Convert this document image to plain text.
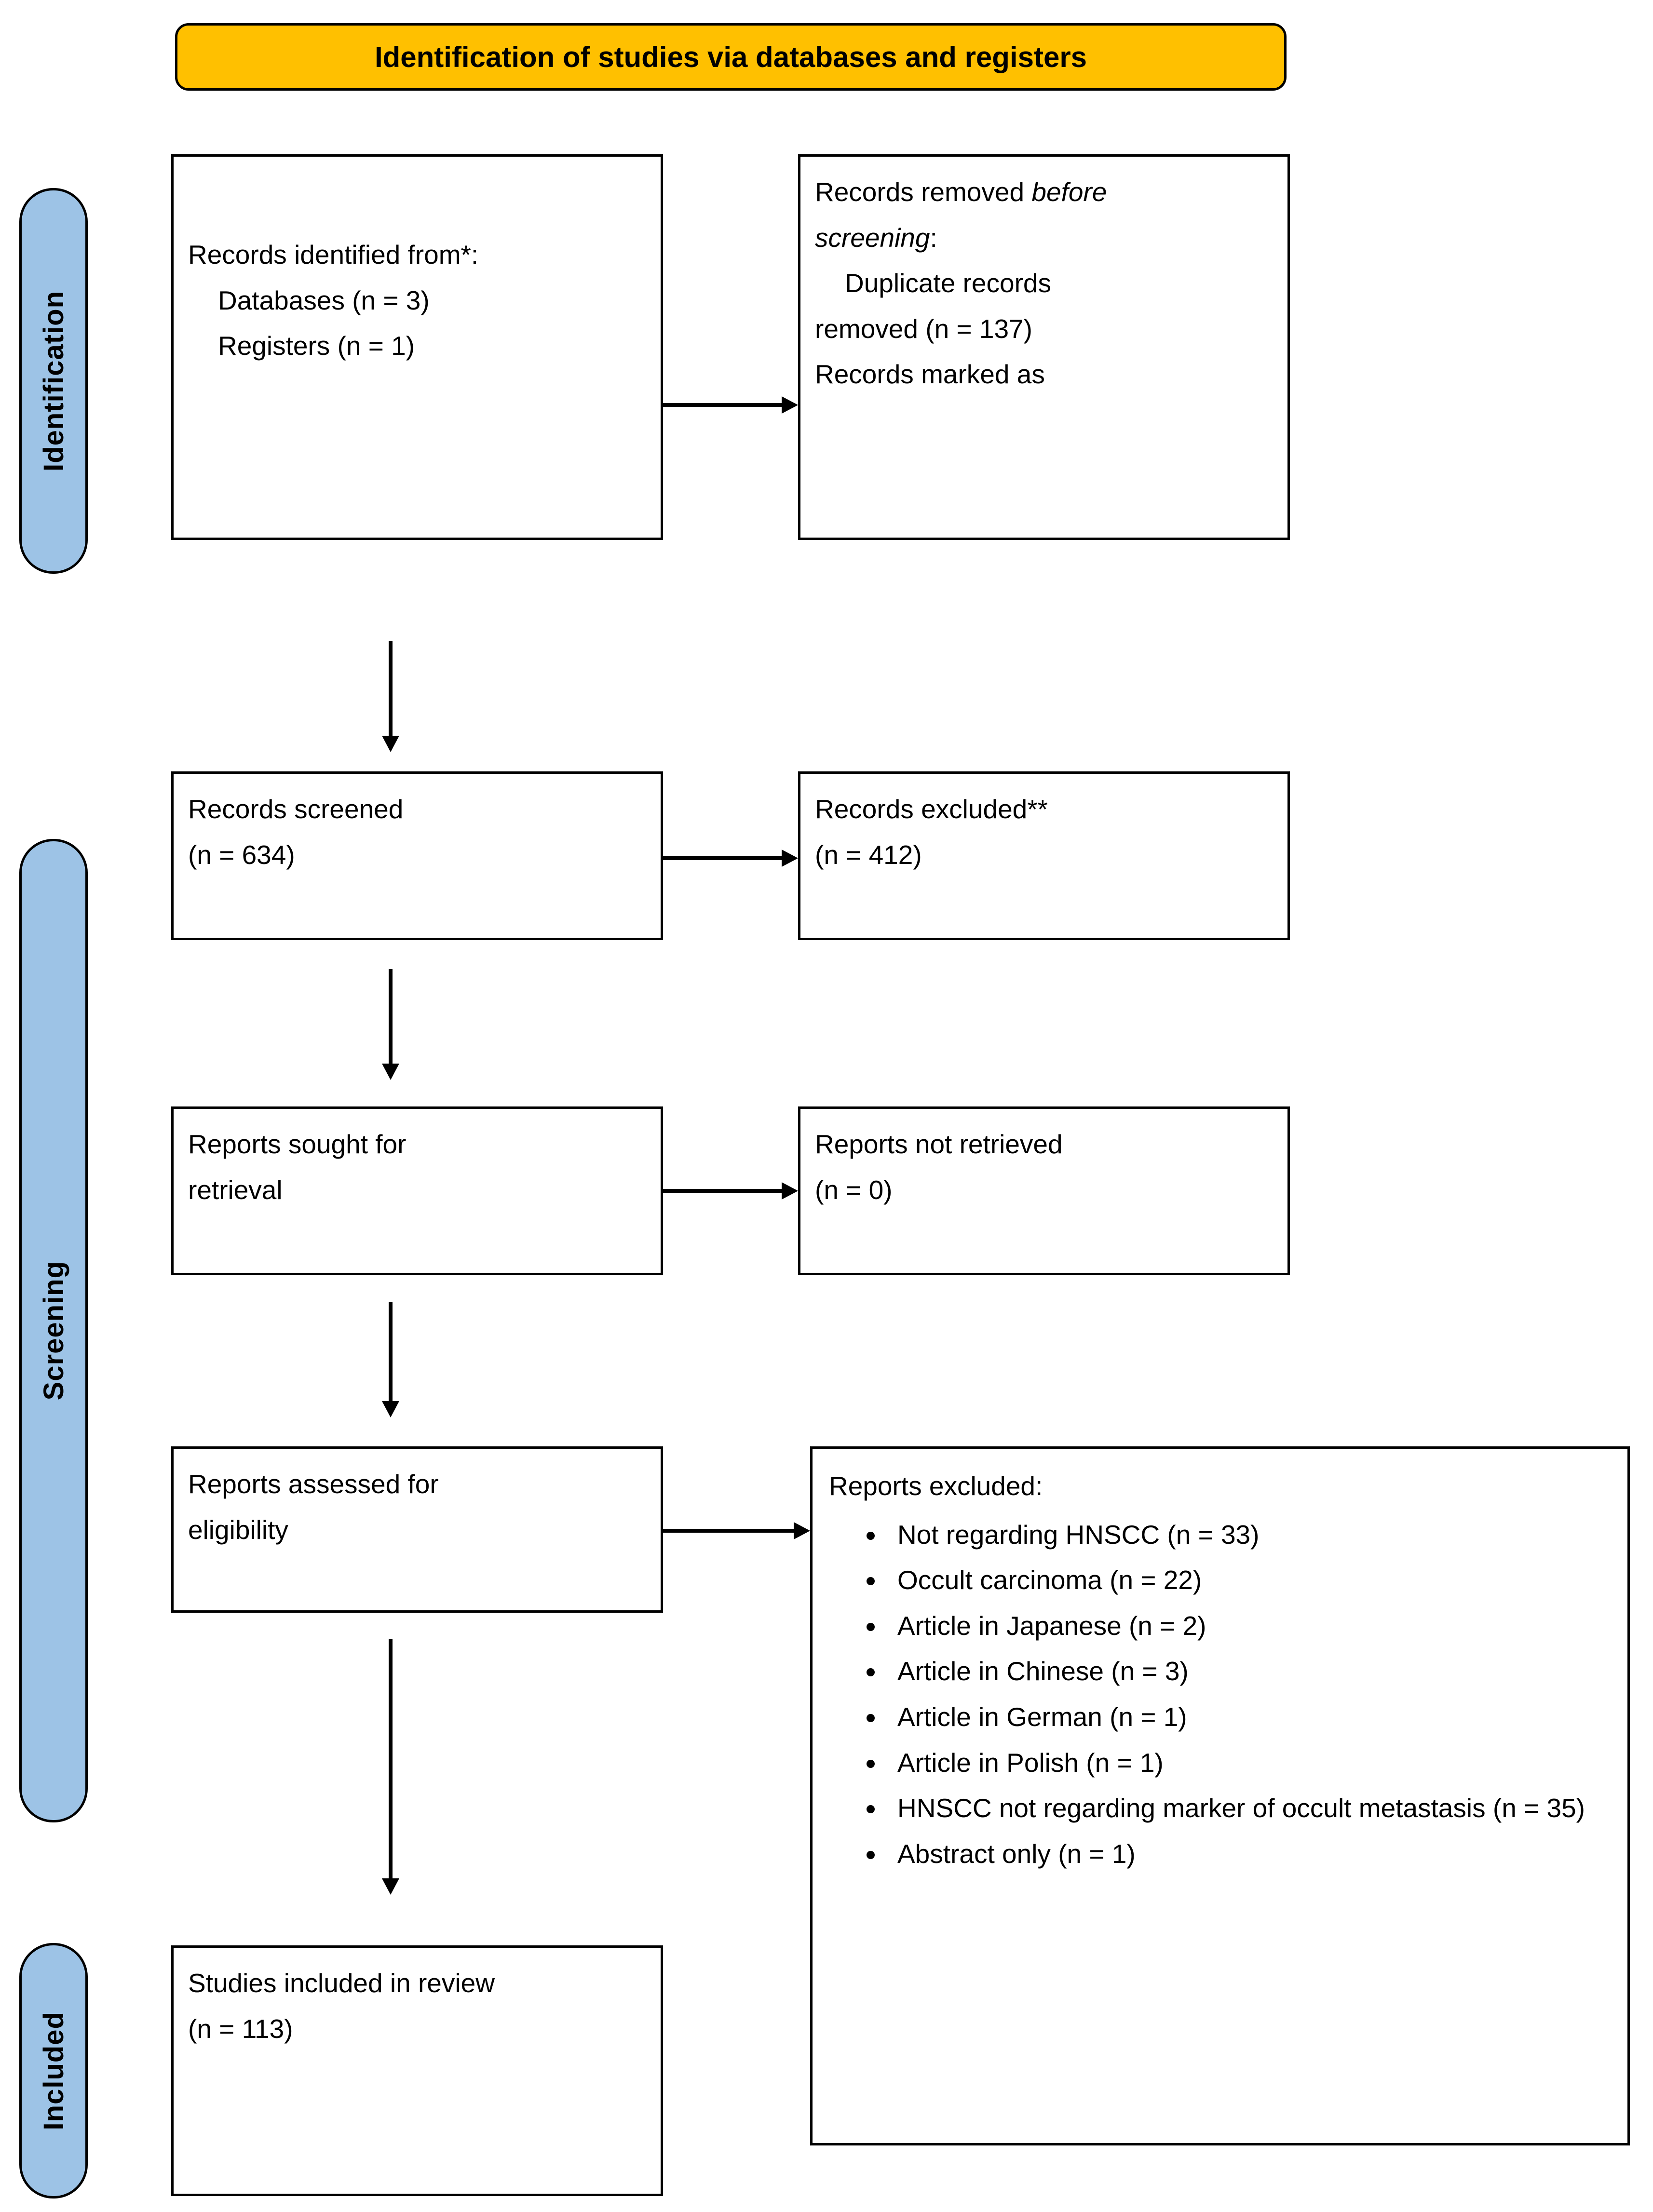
Identification of studies via databases and registers
Identification
Screening
Included

Records identified from*:

Databases (n = 3)

Registers (n = 1)

Records removed before

screening:

Duplicate records

removed (n = 137)

Records marked as

Records screened

(n = 634)

Records excluded**

(n = 412)

Reports sought for

retrieval

Reports not retrieved

(n = 0)

Reports assessed for

eligibility

Reports excluded:

• Not regarding HNSCC (n = 33)
• Occult carcinoma (n = 22)
• Article in Japanese (n = 2)
• Article in Chinese (n = 3)
• Article in German (n = 1)
• Article in Polish (n = 1)
• HNSCC not regarding marker of occult metastasis (n = 35)
• Abstract only (n = 1)

Studies included in review

(n = 113)
